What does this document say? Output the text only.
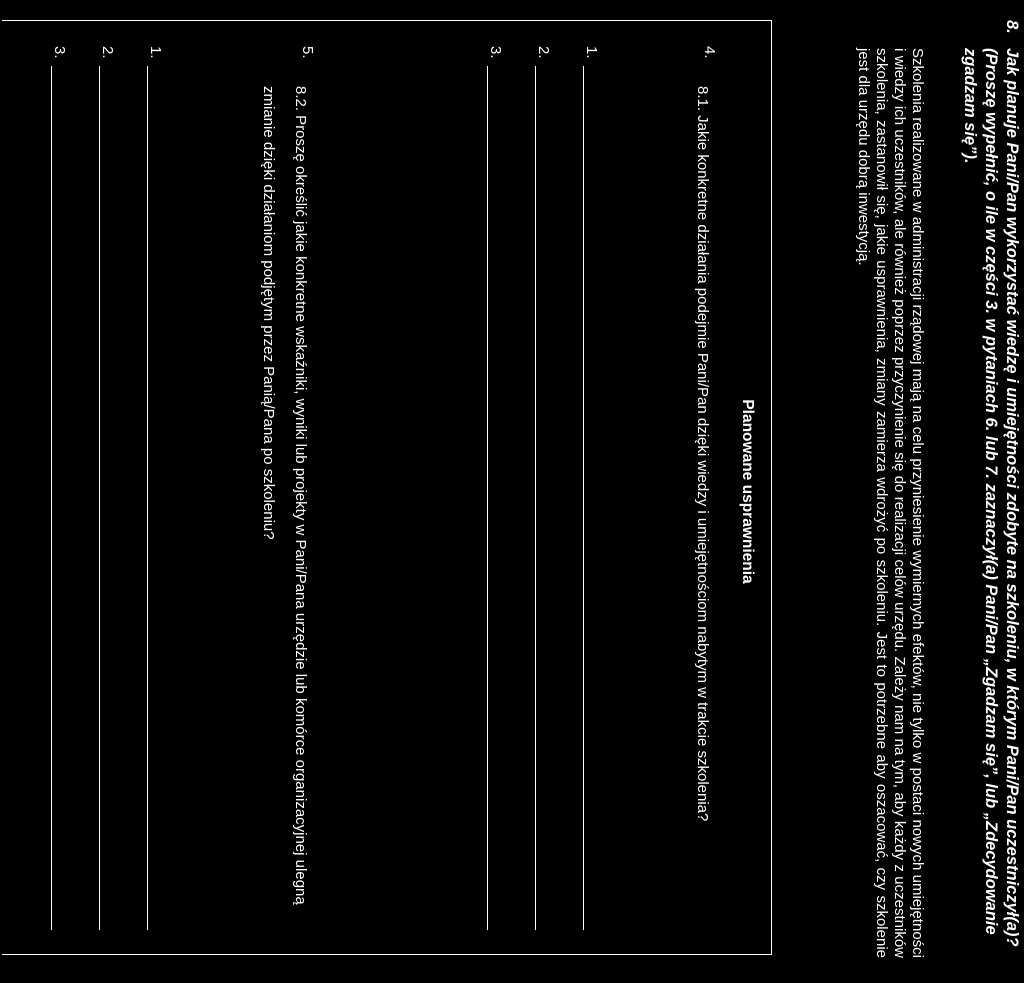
8.
Jak planuje Pani/Pan wykorzystać wiedzę i umiejętności zdobyte na szkoleniu, w którym Pani/Pan uczestniczył(a)? (Proszę wypełnić, o ile w części 3. w pytaniach 6. lub 7. zaznaczył(a) Pani/Pan „Zgadzam się”, lub „Zdecydowanie zgadzam się”).
Szkolenia realizowane w administracji rządowej mają na celu przyniesienie wymiernych efektów, nie tylko w postaci nowych umiejętności i wiedzy ich uczestników, ale również poprzez przyczynienie się do realizacji celów urzędu. Zależy nam na tym, aby każdy z uczestników szkolenia, zastanowił się, jakie usprawnienia, zmiany zamierza wdrożyć po szkoleniu. Jest to potrzebne aby oszacować, czy szkolenie jest dla urzędu dobrą inwestycją.
Planowane usprawnienia
4.
8.1. Jakie konkretne działania podejmie Pani/Pan dzięki wiedzy i umiejętnościom nabytym w trakcie szkolenia?
1.
2.
3.
5.
8.2. Proszę określić jakie konkretne wskaźniki, wyniki lub projekty w Pani/Pana urzędzie lub komórce organizacyjnej ulegną zmianie dzięki działaniom podjętym przez Panią/Pana po szkoleniu?
1.
2.
3.
